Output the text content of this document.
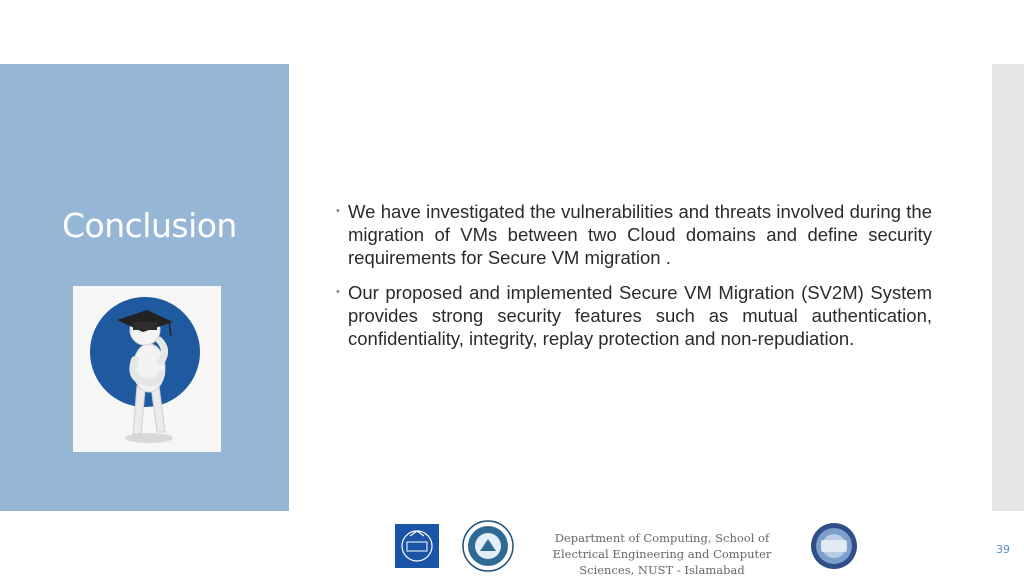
Conclusion	• We have investigated the vulnerabilities and threats involved during the migration of VMs between two Cloud domains and define security requirements for Secure VM migration .
• Our proposed and implemented Secure VM Migration (SV2M) System provides strong security features such as mutual authentication, confidentiality, integrity, replay protection and non-repudiation.
Department of Computing, School of Electrical Engineering and Computer Sciences, NUST - Islamabad
39
